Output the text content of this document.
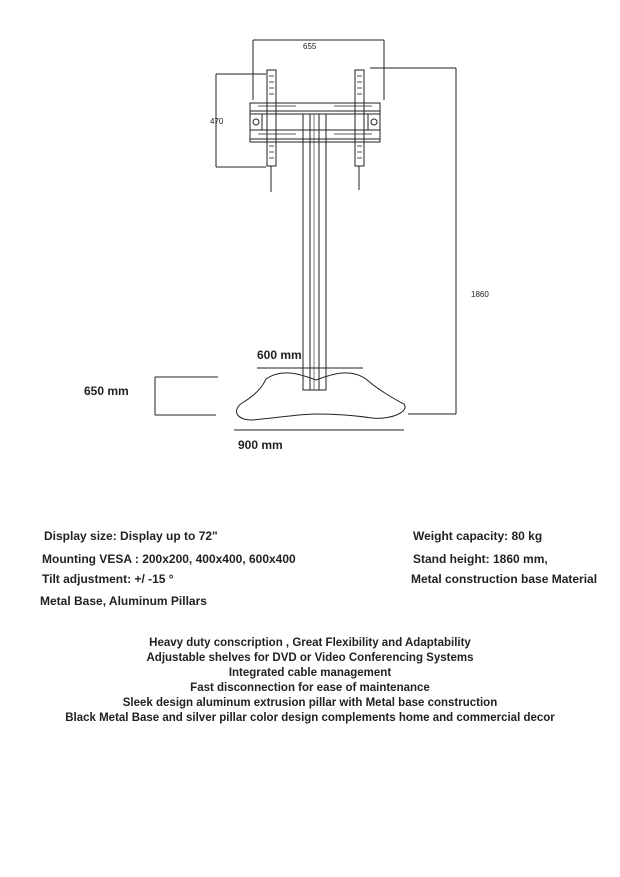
655
470
1860
600 mm
650 mm
900 mm
Display size: Display up to 72"
Mounting VESA : 200x200, 400x400, 600x400
Tilt adjustment: +/ -15 °
Metal Base, Aluminum Pillars
Weight capacity: 80 kg
Stand height: 1860 mm,
Metal construction base Material
Heavy duty conscription , Great Flexibility and Adaptability
Adjustable shelves for DVD or Video Conferencing Systems
Integrated cable management
Fast disconnection for ease of maintenance
Sleek design aluminum extrusion pillar with Metal base construction
Black Metal Base and silver pillar color design complements home and commercial decor
